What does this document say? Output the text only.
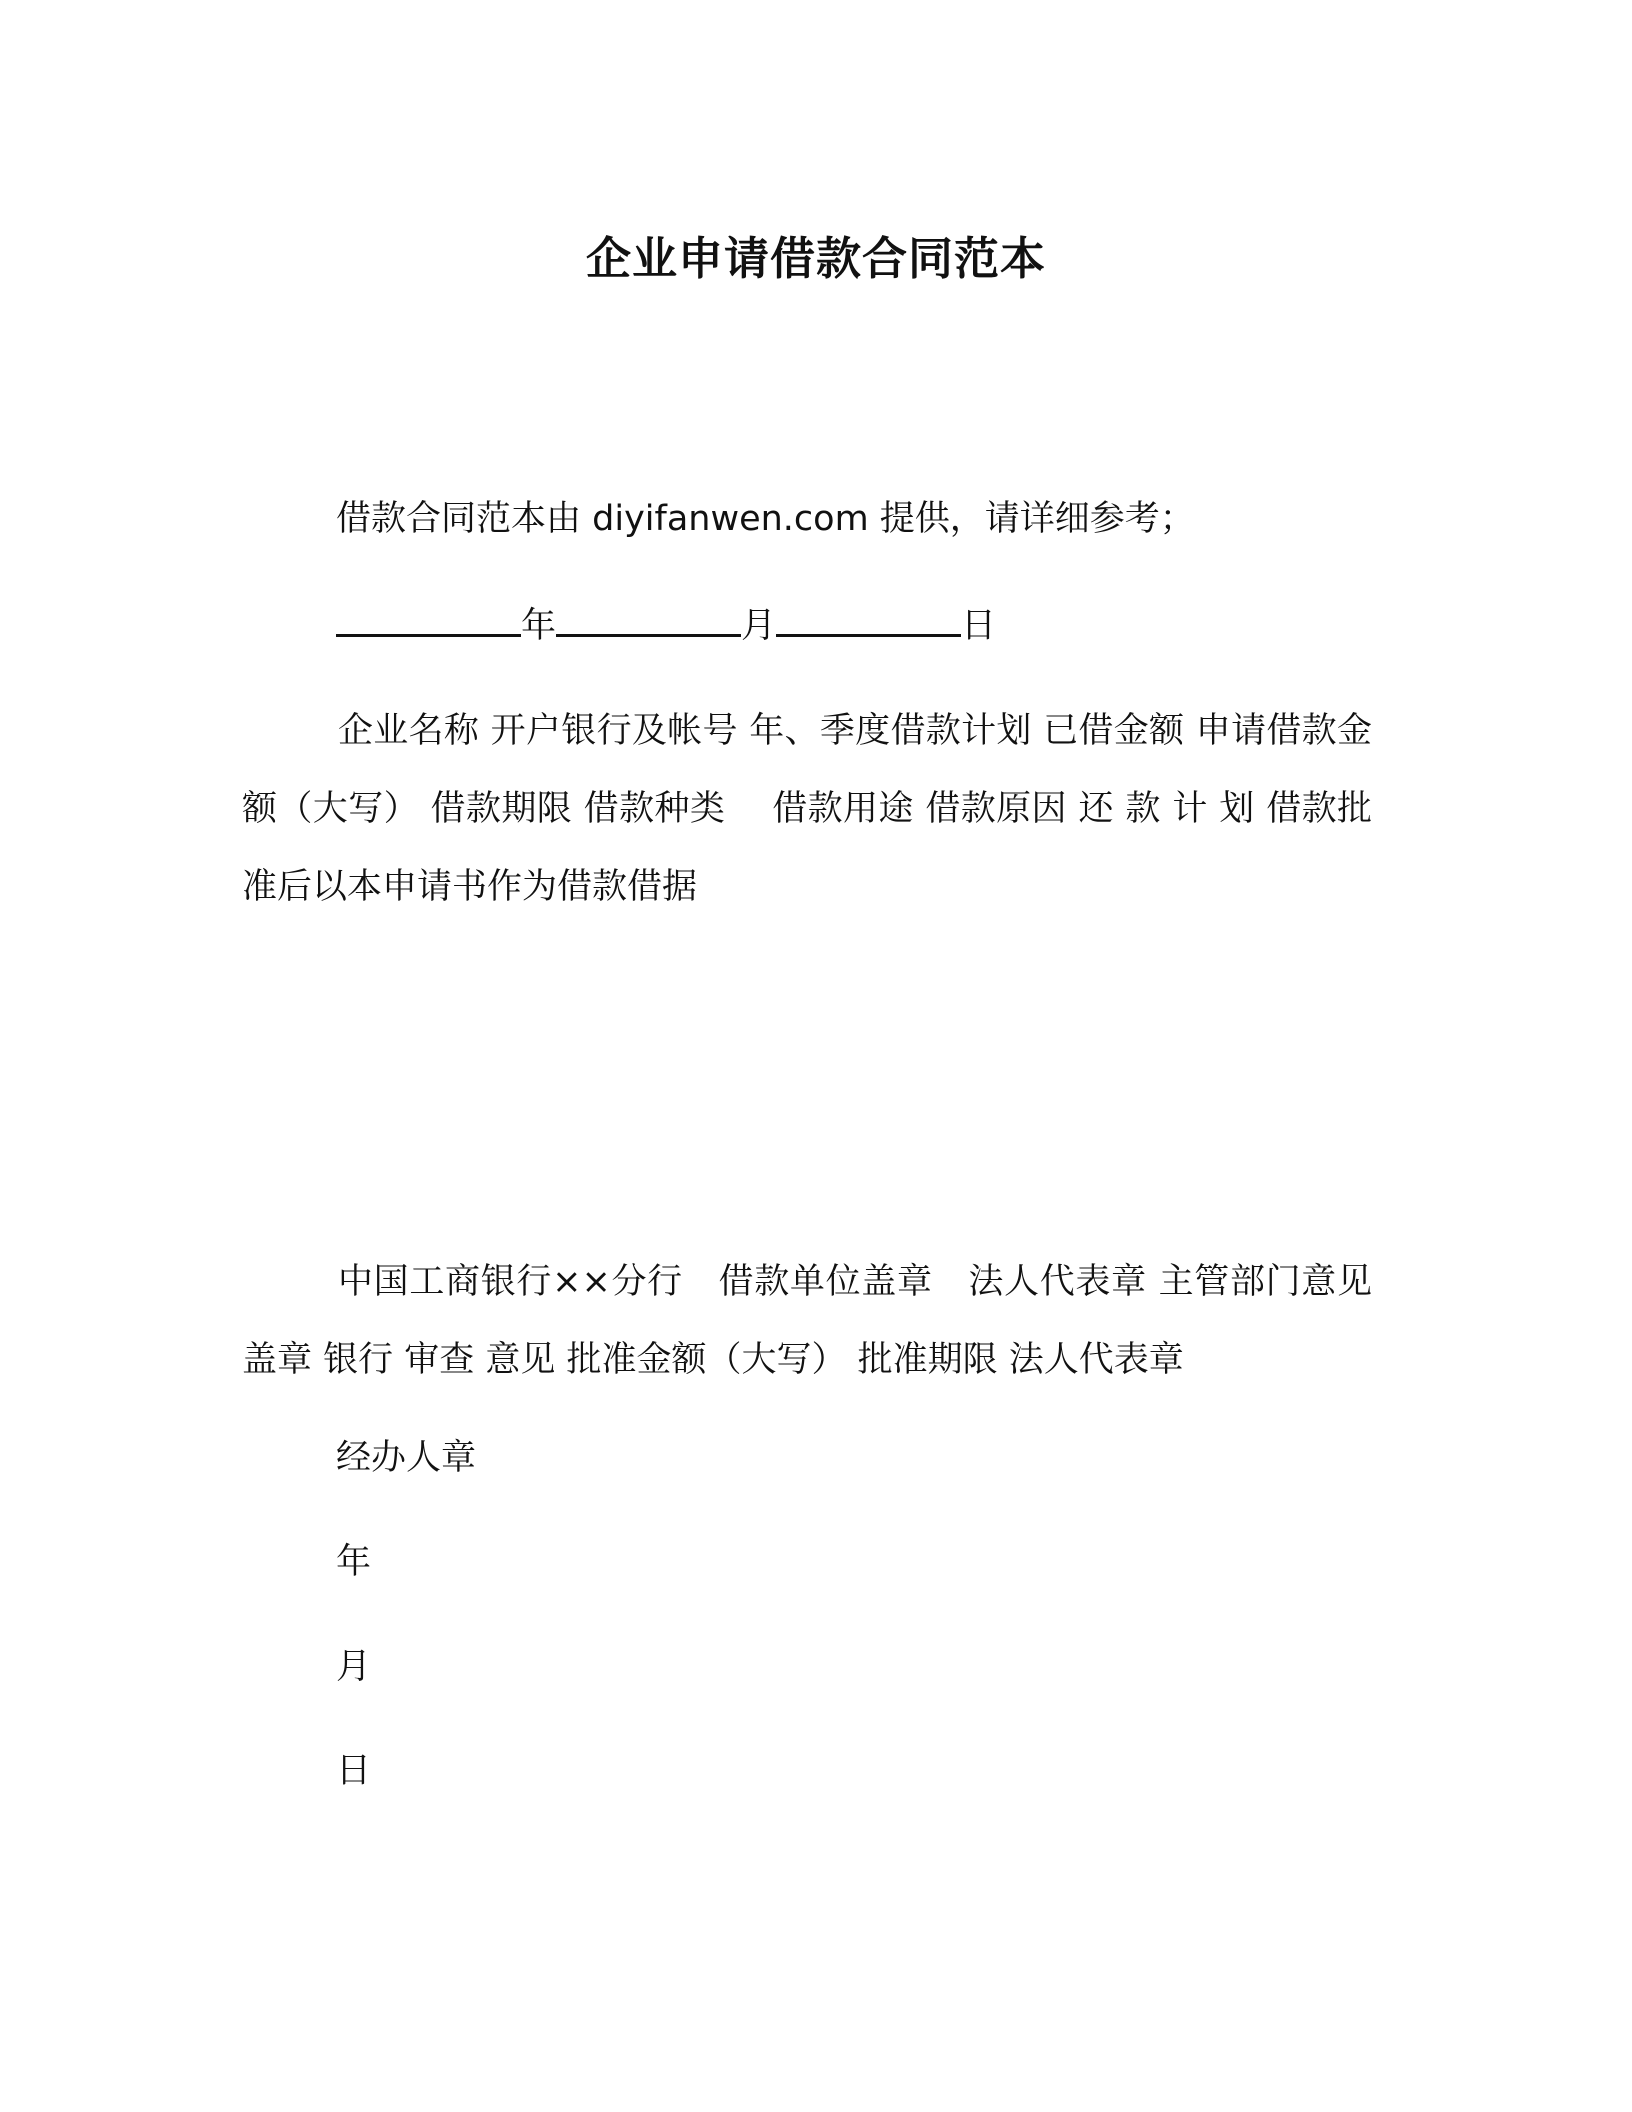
企业申请借款合同范本
借款合同范本由 diyifanwen.com 提供，请详细参考；
年	月	日
企业名称 开户银行及帐号 年、季度借款计划 已借金额 申请借款金额（大写） 借款期限 借款种类　 借款用途 借款原因 还 款 计 划 借款批准后以本申请书作为借款借据
中国工商银行××分行　借款单位盖章　法人代表章 主管部门意见　盖章 银行 审查 意见 批准金额（大写） 批准期限 法人代表章
经办人章
年
月
日
